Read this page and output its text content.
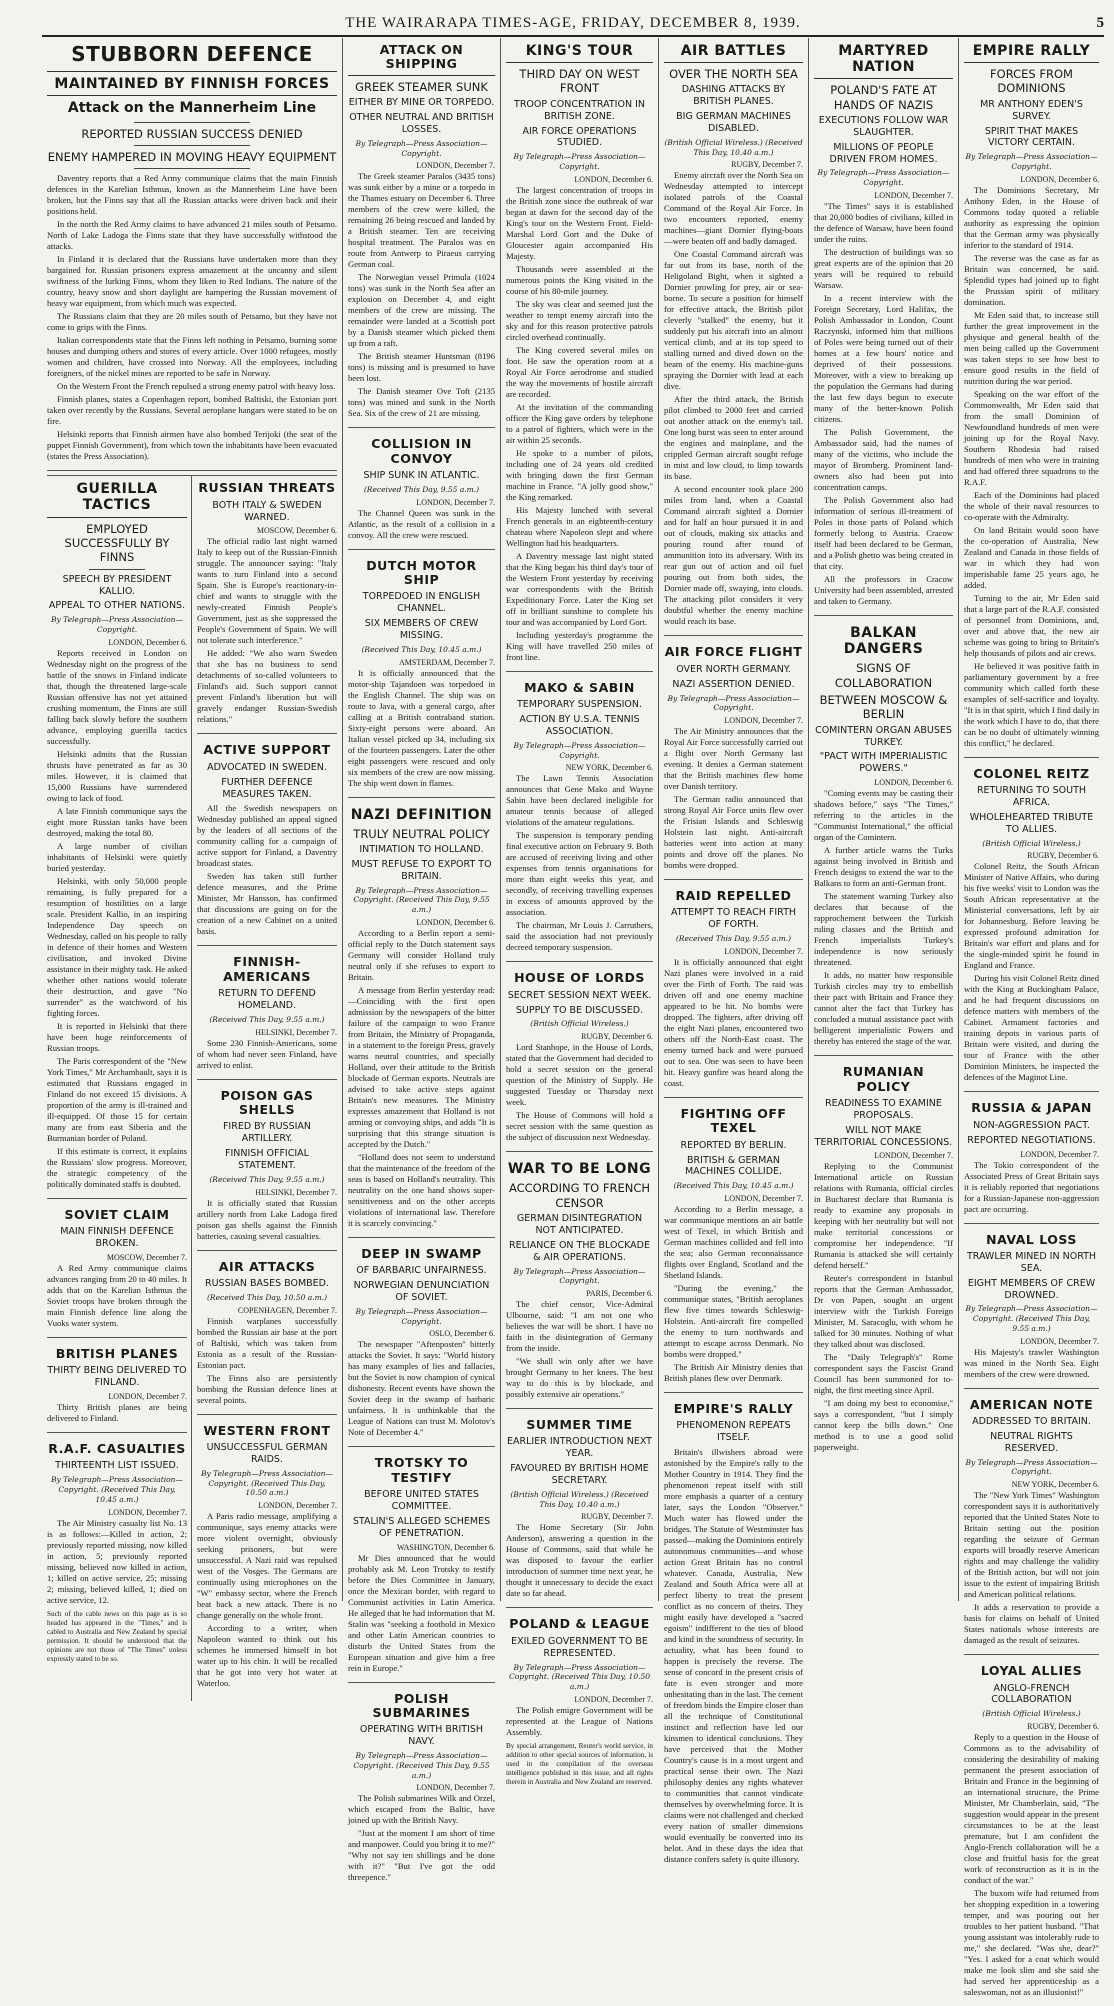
THE WAIRARAPA TIMES-AGE, FRIDAY, DECEMBER 8, 1939.	5
STUBBORN DEFENCE
MAINTAINED BY FINNISH FORCES
Attack on the Mannerheim Line
REPORTED RUSSIAN SUCCESS DENIED
ENEMY HAMPERED IN MOVING HEAVY EQUIPMENT

Daventry reports that a Red Army communique claims that the main Finnish defences in the Karelian Isthmus, known as the Mannerheim Line have been broken, but the Finns say that all the Russian attacks were driven back and their positions held.

In the north the Red Army claims to have advanced 21 miles south of Petsamo. North of Lake Ladoga the Finns state that they have successfully withstood the attacks.

In Finland it is declared that the Russians have undertaken more than they bargained for. Russian prisoners express amazement at the uncanny and silent swiftness of the lurking Finns, whom they liken to Red Indians. The nature of the country, heavy snow and short daylight are hampering the Russian movement of heavy war equipment, from which much was expected.

The Russians claim that they are 20 miles south of Petsamo, but they have not come to grips with the Finns.

Italian correspondents state that the Finns left nothing in Petsamo, burning some houses and dumping others and stores of every article. Over 1000 refugees, mostly women and children, have crossed into Norway. All the employees, including foreigners, of the nickel mines are reported to be safe in Norway.

On the Western Front the French repulsed a strong enemy patrol with heavy loss.

Finnish planes, states a Copenhagen report, bombed Baltiski, the Estonian port taken over recently by the Russians. Several aeroplane hangars were stated to be on fire.

Helsinki reports that Finnish airmen have also bombed Terijoki (the seat of the puppet Finnish Government), from which town the inhabitants have been evacuated (states the Press Association).

GUERILLA TACTICS
EMPLOYED SUCCESSFULLY BY FINNS
SPEECH BY PRESIDENT KALLIO.
APPEAL TO OTHER NATIONS.
By Telegraph—Press Association—Copyright.
LONDON, December 6.

Reports received in London on Wednesday night on the progress of the battle of the snows in Finland indicate that, though the threatened large-scale Russian offensive has not yet attained crushing momentum, the Finns are still falling back slowly before the southern advance, employing guerilla tactics successfully.

Helsinki admits that the Russian thrusts have penetrated as far as 30 miles. However, it is claimed that 15,000 Russians have surrendered owing to lack of food.

A late Finnish communique says the eight more Russian tanks have been destroyed, making the total 80.

A large number of civilian inhabitants of Helsinki were quietly buried yesterday.

Helsinki, with only 50,000 people remaining, is fully prepared for a resumption of hostilities on a large scale. President Kallio, in an inspiring Independence Day speech on Wednesday, called on his people to rally in defence of their homes and Western civilisation, and invoked Divine assistance in their mighty task. He asked whether other nations would tolerate their destruction, and gave "No surrender" as the watchword of his fighting forces.

It is reported in Helsinki that there have been huge reinforcements of Russian troops.

The Paris correspondent of the "New York Times," Mr Archambault, says it is estimated that Russians engaged in Finland do not exceed 15 divisions. A proportion of the army is ill-trained and ill-equipped. Of those 15 for certain many are from east Siberia and the Burmanian border of Poland.

If this estimate is correct, it explains the Russians' slow progress. Moreover, the strategic competency of the politically dominated staffs is doubted.

SOVIET CLAIM
MAIN FINNISH DEFENCE BROKEN.
MOSCOW, December 7.

A Red Army communique claims advances ranging from 20 to 40 miles. It adds that on the Karelian Isthmus the Soviet troops have broken through the main Finnish defence line along the Vuoks water system.

BRITISH PLANES
THIRTY BEING DELIVERED TO FINLAND.
LONDON, December 7.

Thirty British planes are being delivered to Finland.

R.A.F. CASUALTIES
THIRTEENTH LIST ISSUED.
By Telegraph—Press Association—Copyright. (Received This Day, 10.45 a.m.)
LONDON, December 7.

The Air Ministry casualty list No. 13 is as follows:—Killed in action, 2; previously reported missing, now killed in action, 5; previously reported missing, believed now killed in action, 1; killed on active service, 25; missing 2; missing, believed killed, 1; died on active service, 12.

Such of the cable news on this page as is so headed has appeared in the "Times," and is cabled to Australia and New Zealand by special permission. It should be understood that the opinions are not those of "The Times" unless expressly stated to be so.

RUSSIAN THREATS
BOTH ITALY & SWEDEN WARNED.
MOSCOW, December 6.

The official radio last night warned Italy to keep out of the Russian-Finnish struggle. The announcer saying: "Italy wants to turn Finland into a second Spain. She is Europe's reactionary-in-chief and wants to struggle with the newly-created Finnish People's Government, just as she suppressed the People's Government of Spain. We will not tolerate such interference."

He added: "We also warn Sweden that she has no business to send detachments of so-called volunteers to Finland's aid. Such support cannot prevent Finland's liberation but will gravely endanger Russian-Swedish relations."

ACTIVE SUPPORT
ADVOCATED IN SWEDEN.
FURTHER DEFENCE MEASURES TAKEN.

All the Swedish newspapers on Wednesday published an appeal signed by the leaders of all sections of the community calling for a campaign of active support for Finland, a Daventry broadcast states.

Sweden has taken still further defence measures, and the Prime Minister, Mr Hansson, has confirmed that discussions are going on for the creation of a new Cabinet on a united basis.

FINNISH-AMERICANS
RETURN TO DEFEND HOMELAND.
(Received This Day, 9.55 a.m.)
HELSINKI, December 7.

Some 230 Finnish-Americans, some of whom had never seen Finland, have arrived to enlist.

POISON GAS SHELLS
FIRED BY RUSSIAN ARTILLERY.
FINNISH OFFICIAL STATEMENT.
(Received This Day, 9.55 a.m.)
HELSINKI, December 7.

It is officially stated that Russian artillery north from Lake Ladoga fired poison gas shells against the Finnish batteries, causing several casualties.

AIR ATTACKS
RUSSIAN BASES BOMBED.
(Received This Day, 10.50 a.m.)
COPENHAGEN, December 7.

Finnish warplanes successfully bombed the Russian air base at the port of Baltiski, which was taken from Estonia as a result of the Russian-Estonian pact.

The Finns also are persistently bombing the Russian defence lines at several points.

WESTERN FRONT
UNSUCCESSFUL GERMAN RAIDS.
By Telegraph—Press Association—Copyright. (Received This Day, 10.50 a.m.)
LONDON, December 7.

A Paris radio message, amplifying a communique, says enemy attacks were more violent overnight, obviously seeking prisoners, but were unsuccessful. A Nazi raid was repulsed west of the Vosges. The Germans are continually using microphones on the "W" embassy sector, where the French beat back a new attack. There is no change generally on the whole front.

According to a writer, when Napoleon wanted to think out his schemes he immersed himself in hot water up to his chin. It will be recalled that he got into very hot water at Waterloo.

ATTACK ON SHIPPING
GREEK STEAMER SUNK
EITHER BY MINE OR TORPEDO.
OTHER NEUTRAL AND BRITISH LOSSES.
By Telegraph—Press Association—Copyright.
LONDON, December 7.

The Greek steamer Paralos (3435 tons) was sunk either by a mine or a torpedo in the Thames estuary on December 6. Three members of the crew were killed, the remaining 26 being rescued and landed by a British steamer. Ten are receiving hospital treatment. The Paralos was en route from Antwerp to Piraeus carrying German coal.

The Norwegian vessel Primula (1024 tons) was sunk in the North Sea after an explosion on December 4, and eight members of the crew are missing. The remainder were landed at a Scottish port by a Danish steamer which picked them up from a raft.

The British steamer Huntsman (8196 tons) is missing and is presumed to have been lost.

The Danish steamer Ove Toft (2135 tons) was mined and sunk in the North Sea. Six of the crew of 21 are missing.

COLLISION IN CONVOY
SHIP SUNK IN ATLANTIC.
(Received This Day, 9.55 a.m.)
LONDON, December 7.

The Channel Queen was sunk in the Atlantic, as the result of a collision in a convoy. All the crew were rescued.

DUTCH MOTOR SHIP
TORPEDOED IN ENGLISH CHANNEL.
SIX MEMBERS OF CREW MISSING.
(Received This Day, 10.45 a.m.)
AMSTERDAM, December 7.

It is officially announced that the motor-ship Tajandoen was torpedoed in the English Channel. The ship was on route to Java, with a general cargo, after calling at a British contraband station. Sixty-eight persons were aboard. An Italian vessel picked up 34, including six of the fourteen passengers. Later the other eight passengers were rescued and only six members of the crew are now missing. The ship went down in flames.

NAZI DEFINITION
TRULY NEUTRAL POLICY
INTIMATION TO HOLLAND.
MUST REFUSE TO EXPORT TO BRITAIN.
By Telegraph—Press Association—Copyright. (Received This Day, 9.55 a.m.)
LONDON, December 6.

According to a Berlin report a semi-official reply to the Dutch statement says Germany will consider Holland truly neutral only if she refuses to export to Britain.

A message from Berlin yesterday read:—Coinciding with the first open admission by the newspapers of the bitter failure of the campaign to woo France from Britain, the Ministry of Propaganda, in a statement to the foreign Press, gravely warns neutral countries, and specially Holland, over their attitude to the British blockade of German exports. Neutrals are advised to take active steps against Britain's new measures. The Ministry expresses amazement that Holland is not arming or convoying ships, and adds "It is surprising that this strange situation is accepted by the Dutch."

"Holland does not seem to understand that the maintenance of the freedom of the seas is based on Holland's neutrality. This neutrality on the one hand shows super-sensitiveness and on the other accepts violations of international law. Therefore it is scarcely convincing."

DEEP IN SWAMP
OF BARBARIC UNFAIRNESS.
NORWEGIAN DENUNCIATION OF SOVIET.
By Telegraph—Press Association—Copyright.
OSLO, December 6.

The newspaper "Aftenposten" bitterly attacks the Soviet. It says: "World history has many examples of lies and fallacies, but the Soviet is now champion of cynical dishonesty. Recent events have shown the Soviet deep in the swamp of barbaric unfairness. It is unthinkable that the League of Nations can trust M. Molotov's Note of December 4."

TROTSKY TO TESTIFY
BEFORE UNITED STATES COMMITTEE.
STALIN'S ALLEGED SCHEMES OF PENETRATION.
WASHINGTON, December 6.

Mr Dies announced that he would probably ask M. Leon Trotsky to testify before the Dies Committee in January, once the Mexican border, with regard to Communist activities in Latin America. He alleged that he had information that M. Stalin was "seeking a foothold in Mexico and other Latin American countries to disturb the United States from the European situation and give him a free rein in Europe."

POLISH SUBMARINES
OPERATING WITH BRITISH NAVY.
By Telegraph—Press Association—Copyright. (Received This Day, 9.55 a.m.)
LONDON, December 7.

The Polish submarines Wilk and Orzel, which escaped from the Baltic, have joined up with the British Navy.

"Just at the moment I am short of time and manpower. Could you bring it to me?" "Why not say ten shillings and be done with it?" "But I've got the odd threepence."

KING'S TOUR
THIRD DAY ON WEST FRONT
TROOP CONCENTRATION IN BRITISH ZONE.
AIR FORCE OPERATIONS STUDIED.
By Telegraph—Press Association—Copyright.
LONDON, December 6.

The largest concentration of troops in the British zone since the outbreak of war began at dawn for the second day of the King's tour on the Western Front. Field-Marshal Lord Gort and the Duke of Gloucester again accompanied His Majesty.

Thousands were assembled at the numerous points the King visited in the course of his 80-mile journey.

The sky was clear and seemed just the weather to tempt enemy aircraft into the sky and for this reason protective patrols circled overhead continually.

The King covered several miles on foot. He saw the operation room at a Royal Air Force aerodrome and studied the way the movements of hostile aircraft are recorded.

At the invitation of the commanding officer the King gave orders by telephone to a patrol of fighters, which were in the air within 25 seconds.

He spoke to a number of pilots, including one of 24 years old credited with bringing down the first German machine in France. "A jolly good show," the King remarked.

His Majesty lunched with several French generals in an eighteenth-century chateau where Napoleon slept and where Wellington had his headquarters.

A Daventry message last night stated that the King began his third day's tour of the Western Front yesterday by receiving war correspondents with the British Expeditionary Force. Later the King set off in brilliant sunshine to complete his tour and was accompanied by Lord Gort.

Including yesterday's programme the King will have travelled 250 miles of front line.

MAKO & SABIN
TEMPORARY SUSPENSION.
ACTION BY U.S.A. TENNIS ASSOCIATION.
By Telegraph—Press Association—Copyright.
NEW YORK, December 6.

The Lawn Tennis Association announces that Gene Mako and Wayne Sabin have been declared ineligible for amateur tennis because of alleged violations of the amateur regulations.

The suspension is temporary pending final executive action on February 9. Both are accused of receiving living and other expenses from tennis organisations for more than eight weeks this year, and secondly, of receiving travelling expenses in excess of amounts approved by the association.

The chairman, Mr Louis J. Carruthers, said the association had not previously decreed temporary suspension.

HOUSE OF LORDS
SECRET SESSION NEXT WEEK.
SUPPLY TO BE DISCUSSED.
(British Official Wireless.)
RUGBY, December 6.

Lord Stanhope, in the House of Lords, stated that the Government had decided to hold a secret session on the general question of the Ministry of Supply. He suggested Tuesday or Thursday next week.

The House of Commons will hold a secret session with the same question as the subject of discussion next Wednesday.

WAR TO BE LONG
ACCORDING TO FRENCH CENSOR
GERMAN DISINTEGRATION NOT ANTICIPATED.
RELIANCE ON THE BLOCKADE & AIR OPERATIONS.
By Telegraph—Press Association—Copyright.
PARIS, December 6.

The chief censor, Vice-Admiral Ulbourne, said: "I am not one who believes the war will be short. I have no faith in the disintegration of Germany from the inside.

"We shall win only after we have brought Germany to her knees. The best way to do this is by blockade, and possibly extensive air operations."

SUMMER TIME
EARLIER INTRODUCTION NEXT YEAR.
FAVOURED BY BRITISH HOME SECRETARY.
(British Official Wireless.) (Received This Day, 10.40 a.m.)
RUGBY, December 7.

The Home Secretary (Sir John Anderson), answering a question in the House of Commons, said that while he was disposed to favour the earlier introduction of summer time next year, he thought it unnecessary to decide the exact date so far ahead.

POLAND & LEAGUE
EXILED GOVERNMENT TO BE REPRESENTED.
By Telegraph—Press Association—Copyright. (Received This Day, 10.50 a.m.)
LONDON, December 7.

The Polish emigre Government will be represented at the League of Nations Assembly.

By special arrangement, Reuter's world service, in addition to other special sources of information, is used in the compilation of the overseas intelligence published in this issue, and all rights therein in Australia and New Zealand are reserved.

AIR BATTLES
OVER THE NORTH SEA
DASHING ATTACKS BY BRITISH PLANES.
BIG GERMAN MACHINES DISABLED.
(British Official Wireless.) (Received This Day, 10.40 a.m.)
RUGBY, December 7.

Enemy aircraft over the North Sea on Wednesday attempted to intercept isolated patrols of the Coastal Command of the Royal Air Force. In two encounters reported, enemy machines—giant Dornier flying-boats—were beaten off and badly damaged.

One Coastal Command aircraft was far out from its base, north of the Heligoland Bight, when it sighted a Dornier prowling for prey, air or sea-borne. To secure a position for himself for effective attack, the British pilot cleverly "stalked" the enemy, but it suddenly put his aircraft into an almost vertical climb, and at its top speed to stalling turned and dived down on the beam of the enemy. His machine-guns spraying the Dornier with lead at each dive.

After the third attack, the British pilot climbed to 2000 feet and carried out another attack on the enemy's tail. One long burst was seen to enter around the engines and mainplane, and the crippled German aircraft sought refuge in mist and low cloud, to limp towards its base.

A second encounter took place 200 miles from land, when a Coastal Command aircraft sighted a Dornier and for half an hour pursued it in and out of clouds, making six attacks and pouring round after round of ammunition into its adversary. With its rear gun out of action and oil fuel pouring out from both sides, the Dornier made off, swaying, into clouds. The attacking pilot considers it very doubtful whether the enemy machine would reach its base.

AIR FORCE FLIGHT
OVER NORTH GERMANY.
NAZI ASSERTION DENIED.
By Telegraph—Press Association—Copyright.
LONDON, December 7.

The Air Ministry announces that the Royal Air Force successfully carried out a flight over North Germany last evening. It denies a German statement that the British machines flew home over Danish territory.

The German radio announced that strong Royal Air Force units flew over the Frisian Islands and Schleswig Holstein last night. Anti-aircraft batteries went into action at many points and drove off the planes. No bombs were dropped.

RAID REPELLED
ATTEMPT TO REACH FIRTH OF FORTH.
(Received This Day, 9.55 a.m.)
LONDON, December 7.

It is officially announced that eight Nazi planes were involved in a raid over the Firth of Forth. The raid was driven off and one enemy machine appeared to be hit. No bombs were dropped. The fighters, after driving off the eight Nazi planes, encountered two others off the North-East coast. The enemy turned back and were pursued out to sea. One was seen to have been hit. Heavy gunfire was heard along the coast.

FIGHTING OFF TEXEL
REPORTED BY BERLIN.
BRITISH & GERMAN MACHINES COLLIDE.
(Received This Day, 10.45 a.m.)
LONDON, December 7.

According to a Berlin message, a war communique mentions an air battle west of Texel, in which British and German machines collided and fell into the sea; also German reconnaissance flights over England, Scotland and the Shetland Islands.

"During the evening," the communique states, "British aeroplanes flew five times towards Schleswig-Holstein. Anti-aircraft fire compelled the enemy to turn northwards and attempt to escape across Denmark. No bombs were dropped."

The British Air Ministry denies that British planes flew over Denmark.

EMPIRE'S RALLY
PHENOMENON REPEATS ITSELF.

Britain's illwishers abroad were astonished by the Empire's rally to the Mother Country in 1914. They find the phenomenon repeat itself with still more emphasis a quarter of a century later, says the London "Observer." Much water has flowed under the bridges. The Statute of Westminster has passed—making the Dominions entirely autonomous communities—and whose action Great Britain has no control whatever. Canada, Australia, New Zealand and South Africa were all at perfect liberty to treat the present conflict as no concern of theirs. They might easily have developed a "sacred egoism" indifferent to the ties of blood and kind in the soundness of security. In actuality, what has been found to happen is precisely the reverse. The sense of concord in the present crisis of fate is even stronger and more unhesitating than in the last. The cement of freedom binds the Empire closer than all the technique of Constitutional instinct and reflection have led our kinsmen to identical conclusions. They have perceived that the Mother Country's cause is in a most urgent and practical sense their own. The Nazi philosophy denies any rights whatever to communities that cannot vindicate themselves by overwhelming force. It is claims were not challenged and checked every nation of smaller dimensions would eventually be converted into its helot. And in these days the idea that distance confers safety is quite illusory.

MARTYRED NATION
POLAND'S FATE AT HANDS OF NAZIS
EXECUTIONS FOLLOW WAR SLAUGHTER.
MILLIONS OF PEOPLE DRIVEN FROM HOMES.
By Telegraph—Press Association—Copyright.
LONDON, December 7.

"The Times" says it is established that 20,000 bodies of civilians, killed in the defence of Warsaw, have been found under the ruins.

The destruction of buildings was so great experts are of the opinion that 20 years will be required to rebuild Warsaw.

In a recent interview with the Foreign Secretary, Lord Halifax, the Polish Ambassador in London, Count Raczynski, informed him that millions of Poles were being turned out of their homes at a few hours' notice and deprived of their possessions. Moreover, with a view to breaking up the population the Germans had during the last few days begun to execute many of the better-known Polish citizens.

The Polish Government, the Ambassador said, had the names of many of the victims, who include the mayor of Bromberg. Prominent land-owners also had been put into concentration camps.

The Polish Government also had information of serious ill-treatment of Poles in those parts of Poland which formerly belong to Austria. Cracow itself had been declared to be German, and a Polish ghetto was being created in that city.

All the professors in Cracow University had been assembled, arrested and taken to Germany.

BALKAN DANGERS
SIGNS OF COLLABORATION
BETWEEN MOSCOW & BERLIN
COMINTERN ORGAN ABUSES TURKEY.
"PACT WITH IMPERIALISTIC POWERS."
LONDON, December 6.

"Coming events may be casting their shadows before," says "The Times," referring to the articles in the "Communist International," the official organ of the Comintern.

A further article warns the Turks against being involved in British and French designs to extend the war to the Balkans to form an anti-German front.

The statement warning Turkey also declares that because of the rapprochement between the Turkish ruling classes and the British and French imperialists Turkey's independence is now seriously threatened.

It adds, no matter how responsible Turkish circles may try to embellish their pact with Britain and France they cannot alter the fact that Turkey has concluded a mutual assistance pact with belligerent imperialistic Powers and thereby has entered the stage of the war.

RUMANIAN POLICY
READINESS TO EXAMINE PROPOSALS.
WILL NOT MAKE TERRITORIAL CONCESSIONS.
LONDON, December 7.

Replying to the Communist International article on Russian relations with Rumania, official circles in Bucharest declare that Rumania is ready to examine any proposals in keeping with her neutrality but will not make territorial concessions or compromise her independence. "If Rumania is attacked she will certainly defend herself."

Reuter's correspondent in Istanbul reports that the German Ambassador, Dr von Papen, sought an urgent interview with the Turkish Foreign Minister, M. Saracoglu, with whom he talked for 30 minutes. Nothing of what they talked about was disclosed.

The "Daily Telegraph's" Rome correspondent says the Fascist Grand Council has been summoned for to-night, the first meeting since April.

"I am doing my best to economise," says a correspondent, "but I simply cannot keep the bills down." One method is to use a good solid paperweight.

EMPIRE RALLY
FORCES FROM DOMINIONS
MR ANTHONY EDEN'S SURVEY.
SPIRIT THAT MAKES VICTORY CERTAIN.
By Telegraph—Press Association—Copyright.
LONDON, December 6.

The Dominions Secretary, Mr Anthony Eden, in the House of Commons today quoted a reliable authority as expressing the opinion that the German army was physically inferior to the standard of 1914.

The reverse was the case as far as Britain was concerned, he said. Splendid types had joined up to fight the Prussian spirit of military domination.

Mr Eden said that, to increase still further the great improvement in the physique and general health of the men being called up the Government was taken steps to see how best to ensure good results in the field of nutrition during the war period.

Speaking on the war effort of the Commonwealth, Mr Eden said that from the small Dominion of Newfoundland hundreds of men were joining up for the Royal Navy. Southern Rhodesia had raised hundreds of men who were in training and had offered three squadrons to the R.A.F.

Each of the Dominions had placed the whole of their naval resources to co-operate with the Admiralty.

On land Britain would soon have the co-operation of Australia, New Zealand and Canada in those fields of war in which they had won imperishable fame 25 years ago, he added.

Turning to the air, Mr Eden said that a large part of the R.A.F. consisted of personnel from Dominions, and, over and above that, the new air scheme was going to bring to Britain's help thousands of pilots and air crews.

He believed it was positive faith in parliamentary government by a free community which called forth these examples of self-sacrifice and loyalty. "It is in that spirit, which I find daily in the work which I have to do, that there can be no doubt of ultimately winning this conflict," he declared.

COLONEL REITZ
RETURNING TO SOUTH AFRICA.
WHOLEHEARTED TRIBUTE TO ALLIES.
(British Official Wireless.)
RUGBY, December 6.

Colonel Reitz, the South African Minister of Native Affairs, who during his five weeks' visit to London was the South African representative at the Ministerial conversations, left by air for Johannesburg. Before leaving he expressed profound admiration for Britain's war effort and plans and for the single-minded spirit he found in England and France.

During his visit Colonel Reitz dined with the King at Buckingham Palace, and he had frequent discussions on defence matters with members of the Cabinet. Armament factories and training depots in various parts of Britain were visited, and during the tour of France with the other Dominion Ministers, he inspected the defences of the Maginot Line.

RUSSIA & JAPAN
NON-AGGRESSION PACT.
REPORTED NEGOTIATIONS.
LONDON, December 7.

The Tokio correspondent of the Associated Press of Great Britain says it is reliably reported that negotiations for a Russian-Japanese non-aggression pact are occurring.

NAVAL LOSS
TRAWLER MINED IN NORTH SEA.
EIGHT MEMBERS OF CREW DROWNED.
By Telegraph—Press Association—Copyright. (Received This Day, 9.55 a.m.)
LONDON, December 7.

His Majesty's trawler Washington was mined in the North Sea. Eight members of the crew were drowned.

AMERICAN NOTE
ADDRESSED TO BRITAIN.
NEUTRAL RIGHTS RESERVED.
By Telegraph—Press Association—Copyright.
NEW YORK, December 6.

The "New York Times" Washington correspondent says it is authoritatively reported that the United States Note to Britain setting out the position regarding the seizure of German exports will broadly reserve American rights and may challenge the validity of the British action, but will not join issue to the extent of impairing British and American political relations.

It adds a reservation to provide a basis for claims on behalf of United States nationals whose interests are damaged as the result of seizures.

LOYAL ALLIES
ANGLO-FRENCH COLLABORATION
(British Official Wireless.)
RUGBY, December 6.

Reply to a question in the House of Commons as to the advisability of considering the desirability of making permanent the present association of Britain and France in the beginning of an international structure, the Prime Minister, Mr Chamberlain, said, "The suggestion would appear in the present circumstances to be at the least premature, but I am confident the Anglo-French collaboration will be a close and fruitful basis for the great work of reconstruction as it is in the conduct of the war."

The buxom wife had returned from her shopping expedition in a towering temper, and was pouring out her troubles to her patient husband. "That young assistant was intolerably rude to me," she declared. "Was she, dear?" "Yes. I asked for a coat which would make me look slim and she said she had served her apprenticeship as a saleswoman, not as an illusionist!"
